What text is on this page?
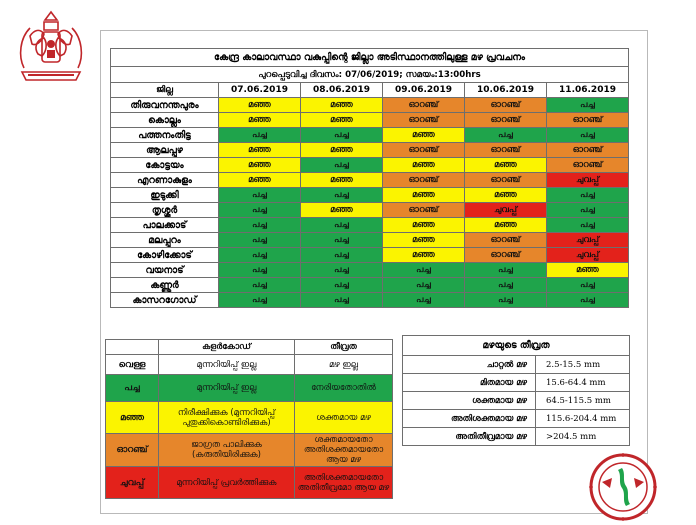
കേന്ദ്ര കാലാവസ്ഥാ വകുപ്പിന്റെ ജില്ലാ അടിസ്ഥാനത്തിലുള്ള മഴ പ്രവചനം					
പുറപ്പെടുവിച്ച ദിവസം: 07/06/2019; സമയം:13:00hrs					
ജില്ല	07.06.2019	08.06.2019	09.06.2019	10.06.2019	11.06.2019
തിരുവനന്തപുരം	മഞ്ഞ	മഞ്ഞ	ഓറഞ്ച്	ഓറഞ്ച്	പച്ച
കൊല്ലം	മഞ്ഞ	മഞ്ഞ	ഓറഞ്ച്	ഓറഞ്ച്	ഓറഞ്ച്
പത്തനംതിട്ട	പച്ച	പച്ച	മഞ്ഞ	പച്ച	പച്ച
ആലപ്പുഴ	മഞ്ഞ	മഞ്ഞ	ഓറഞ്ച്	ഓറഞ്ച്	ഓറഞ്ച്
കോട്ടയം	മഞ്ഞ	പച്ച	മഞ്ഞ	മഞ്ഞ	ഓറഞ്ച്
എറണാകുളം	മഞ്ഞ	മഞ്ഞ	ഓറഞ്ച്	ഓറഞ്ച്	ചുവപ്പ്
ഇടുക്കി	പച്ച	പച്ച	മഞ്ഞ	മഞ്ഞ	പച്ച
തൃശ്ശൂർ	പച്ച	മഞ്ഞ	ഓറഞ്ച്	ചുവപ്പ്	പച്ച
പാലക്കാട്	പച്ച	പച്ച	മഞ്ഞ	മഞ്ഞ	പച്ച
മലപ്പുറം	പച്ച	പച്ച	മഞ്ഞ	ഓറഞ്ച്	ചുവപ്പ്
കോഴിക്കോട്	പച്ച	പച്ച	മഞ്ഞ	ഓറഞ്ച്	ചുവപ്പ്
വയനാട്	പച്ച	പച്ച	പച്ച	പച്ച	മഞ്ഞ
കണ്ണൂർ	പച്ച	പച്ച	പച്ച	പച്ച	പച്ച
കാസറഗോഡ്	പച്ച	പച്ച	പച്ച	പച്ച	പച്ച
	കളർകോഡ്	തീവ്രത
വെള്ള	മുന്നറിയിപ്പ് ഇല്ല	മഴ ഇല്ല
പച്ച	മുന്നറിയിപ്പ് ഇല്ല	നേരിയതോതിൽ
മഞ്ഞ	നിരീക്ഷിക്കുക (മുന്നറിയിപ്പ് പുതുക്കികൊണ്ടിരിക്കുക)	ശക്തമായ മഴ
ഓറഞ്ച്	ജാഗ്രത പാലിക്കുക (കരുതിയിരിക്കുക)	ശക്തമായതോ അതിശക്തമായതോ ആയ മഴ
ചുവപ്പ്	മുന്നറിയിപ്പ് പ്രവർത്തിക്കുക	അതിശക്തമായതോ അതിതീവ്രമോ ആയ മഴ
മഴയുടെ തീവ്രത	
ചാറ്റൽ മഴ	2.5-15.5 mm
മിതമായ മഴ	15.6-64.4 mm
ശക്തമായ മഴ	64.5-115.5 mm
അതിശക്തമായ മഴ	115.6-204.4 mm
അതിതീവ്രമായ മഴ	>204.5 mm
